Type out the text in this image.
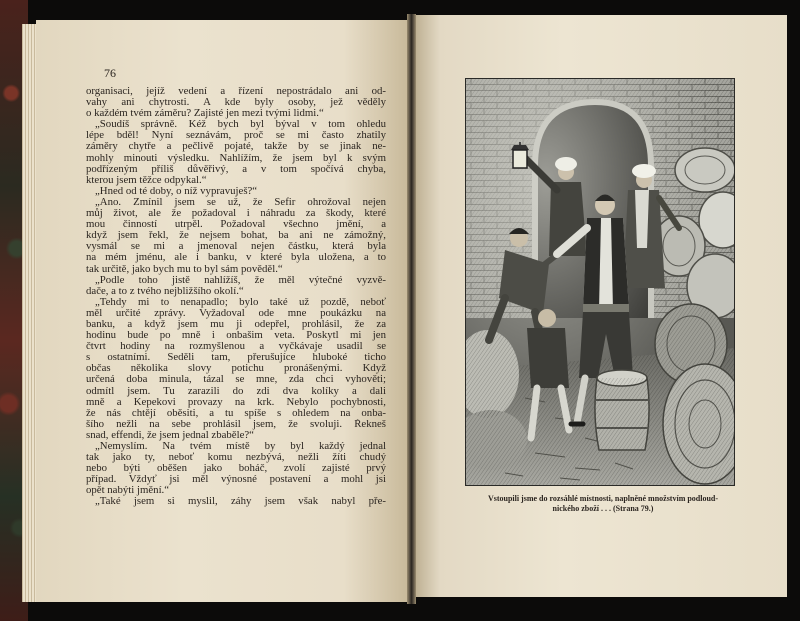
76
organisaci, jejíž vedení a řízení nepostrádalo ani od-
vahy ani chytrosti. A kde byly osoby, jež věděly
o každém tvém záměru? Zajisté jen mezi tvými lidmi.“
„Soudíš správně. Kéž bych byl býval v tom ohledu
lépe bděl! Nyní seznávám, proč se mi často zhatily
záměry chytře a pečlivě pojaté, takže by se jinak ne-
mohly minouti výsledku. Nahlížím, že jsem byl k svým
podřízeným příliš důvěřivý, a v tom spočívá chyba,
kterou jsem těžce odpykal.“
„Hned od té doby, o níž vypravuješ?“
„Ano. Zmínil jsem se už, že Sefir ohrožoval nejen
můj život, ale že požadoval i náhradu za škody, které
mou činností utrpěl. Požadoval všechno jmění, a
když jsem řekl, že nejsem bohat, ba ani ne zámožný,
vysmál se mi a jmenoval nejen částku, která byla
na mém jménu, ale i banku, v které byla uložena, a to
tak určitě, jako bych mu to byl sám pověděl.“
„Podle toho jistě nahlížíš, že měl výtečné vyzvě-
dače, a to z tvého nejbližšího okolí.“
„Tehdy mi to nenapadlo; bylo také už pozdě, neboť
měl určité zprávy. Vyžadoval ode mne poukázku na
banku, a když jsem mu ji odepřel, prohlásil, že za
hodinu bude po mně i onbašim veta. Poskytl mi jen
čtvrt hodiny na rozmyšlenou a vyčkávaje usadil se
s ostatními. Seděli tam, přerušujíce hluboké ticho
občas několika slovy potichu pronášenými. Když
určená doba minula, tázal se mne, zda chci vyhověti;
odmítl jsem. Tu zarazili do zdi dva kolíky a dali
mně a Kepekovi provazy na krk. Nebylo pochybnosti,
že nás chtějí oběsiti, a tu spíše s ohledem na onba-
šího nežli na sebe prohlásil jsem, že svoluji. Řekneš
snad, effendi, že jsem jednal zbaběle?“
„Nemyslím. Na tvém místě by byl každý jednal
tak jako ty, neboť komu nezbývá, nežli žíti chudý
nebo býti oběšen jako boháč, zvolí zajisté prvý
případ. Vždyť jsi měl výnosné postavení a mohl jsi
opět nabýti jmění.“
„Také jsem si myslil, záhy jsem však nabyl pře-	Vstoupili jsme do rozsáhlé místnosti, naplněné množstvím podloud-
nického zboží . . . (Strana 79.)
